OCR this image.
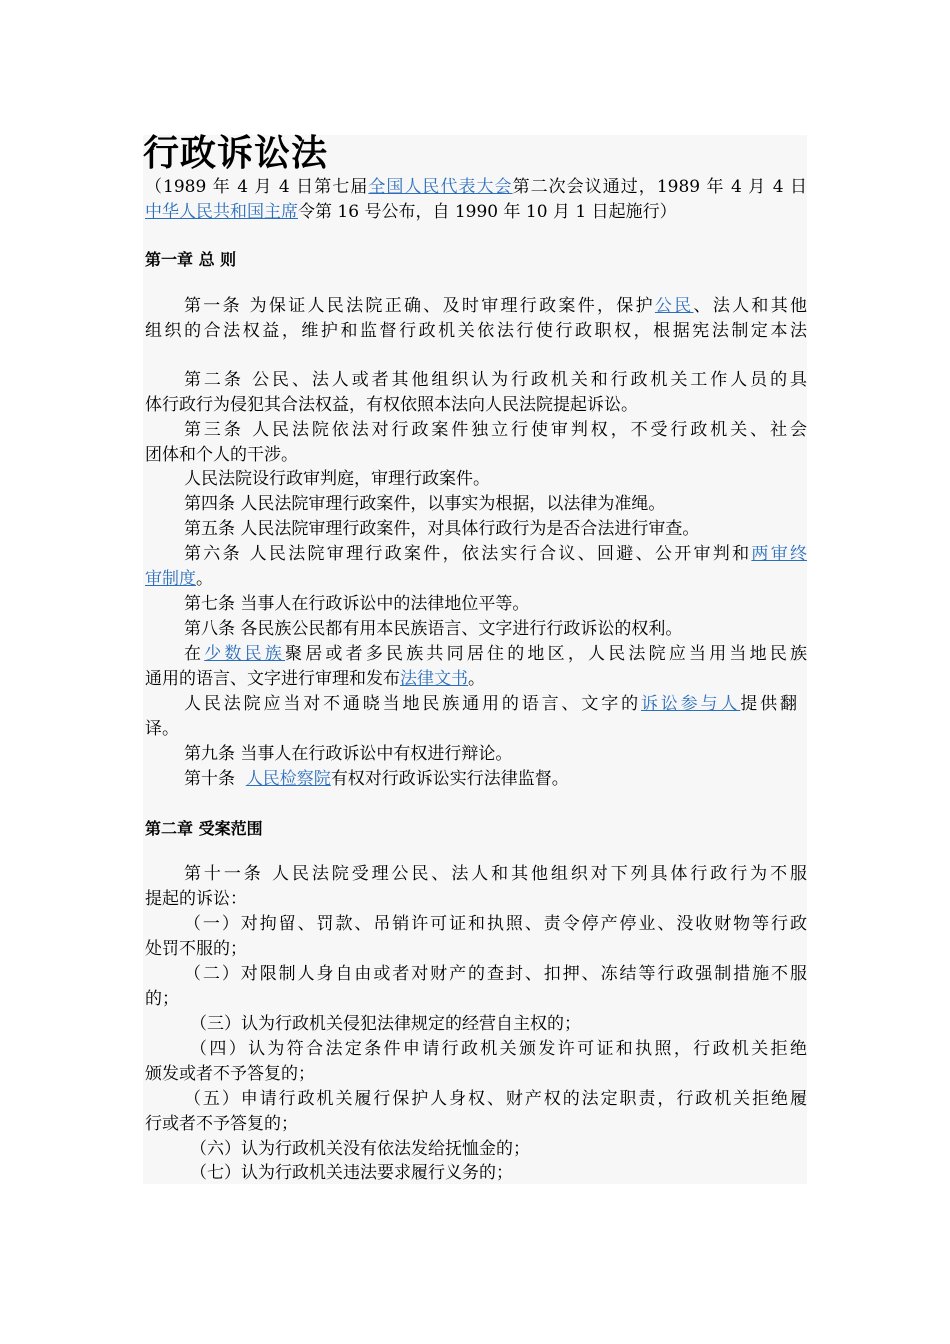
行政诉讼法
（1989 年 4 月 4 日第七届全国人民代表大会第二次会议通过，1989 年 4 月 4 日
中华人民共和国主席令第 16 号公布，自 1990 年 10 月 1 日起施行）
第一章 总 则
第一条 为保证人民法院正确、及时审理行政案件，保护公民、法人和其他
组织的合法权益，维护和监督行政机关依法行使行政职权，根据宪法制定本法
第二条 公民、法人或者其他组织认为行政机关和行政机关工作人员的具
体行政行为侵犯其合法权益，有权依照本法向人民法院提起诉讼。
第三条 人民法院依法对行政案件独立行使审判权，不受行政机关、社会
团体和个人的干涉。
人民法院设行政审判庭，审理行政案件。
第四条 人民法院审理行政案件，以事实为根据，以法律为准绳。
第五条 人民法院审理行政案件，对具体行政行为是否合法进行审查。
第六条 人民法院审理行政案件，依法实行合议、回避、公开审判和两审终
审制度。
第七条 当事人在行政诉讼中的法律地位平等。
第八条 各民族公民都有用本民族语言、文字进行行政诉讼的权利。
在少数民族聚居或者多民族共同居住的地区，人民法院应当用当地民族
通用的语言、文字进行审理和发布法律文书。
人民法院应当对不通晓当地民族通用的语言、文字的诉讼参与人提供翻
译。
第九条 当事人在行政诉讼中有权进行辩论。
第十条  人民检察院有权对行政诉讼实行法律监督。
第二章 受案范围
第十一条 人民法院受理公民、法人和其他组织对下列具体行政行为不服
提起的诉讼：
（一）对拘留、罚款、吊销许可证和执照、责令停产停业、没收财物等行政
处罚不服的；
（二）对限制人身自由或者对财产的查封、扣押、冻结等行政强制措施不服
的；
（三）认为行政机关侵犯法律规定的经营自主权的；
（四）认为符合法定条件申请行政机关颁发许可证和执照，行政机关拒绝
颁发或者不予答复的；
（五）申请行政机关履行保护人身权、财产权的法定职责，行政机关拒绝履
行或者不予答复的；
（六）认为行政机关没有依法发给抚恤金的；
（七）认为行政机关违法要求履行义务的；
